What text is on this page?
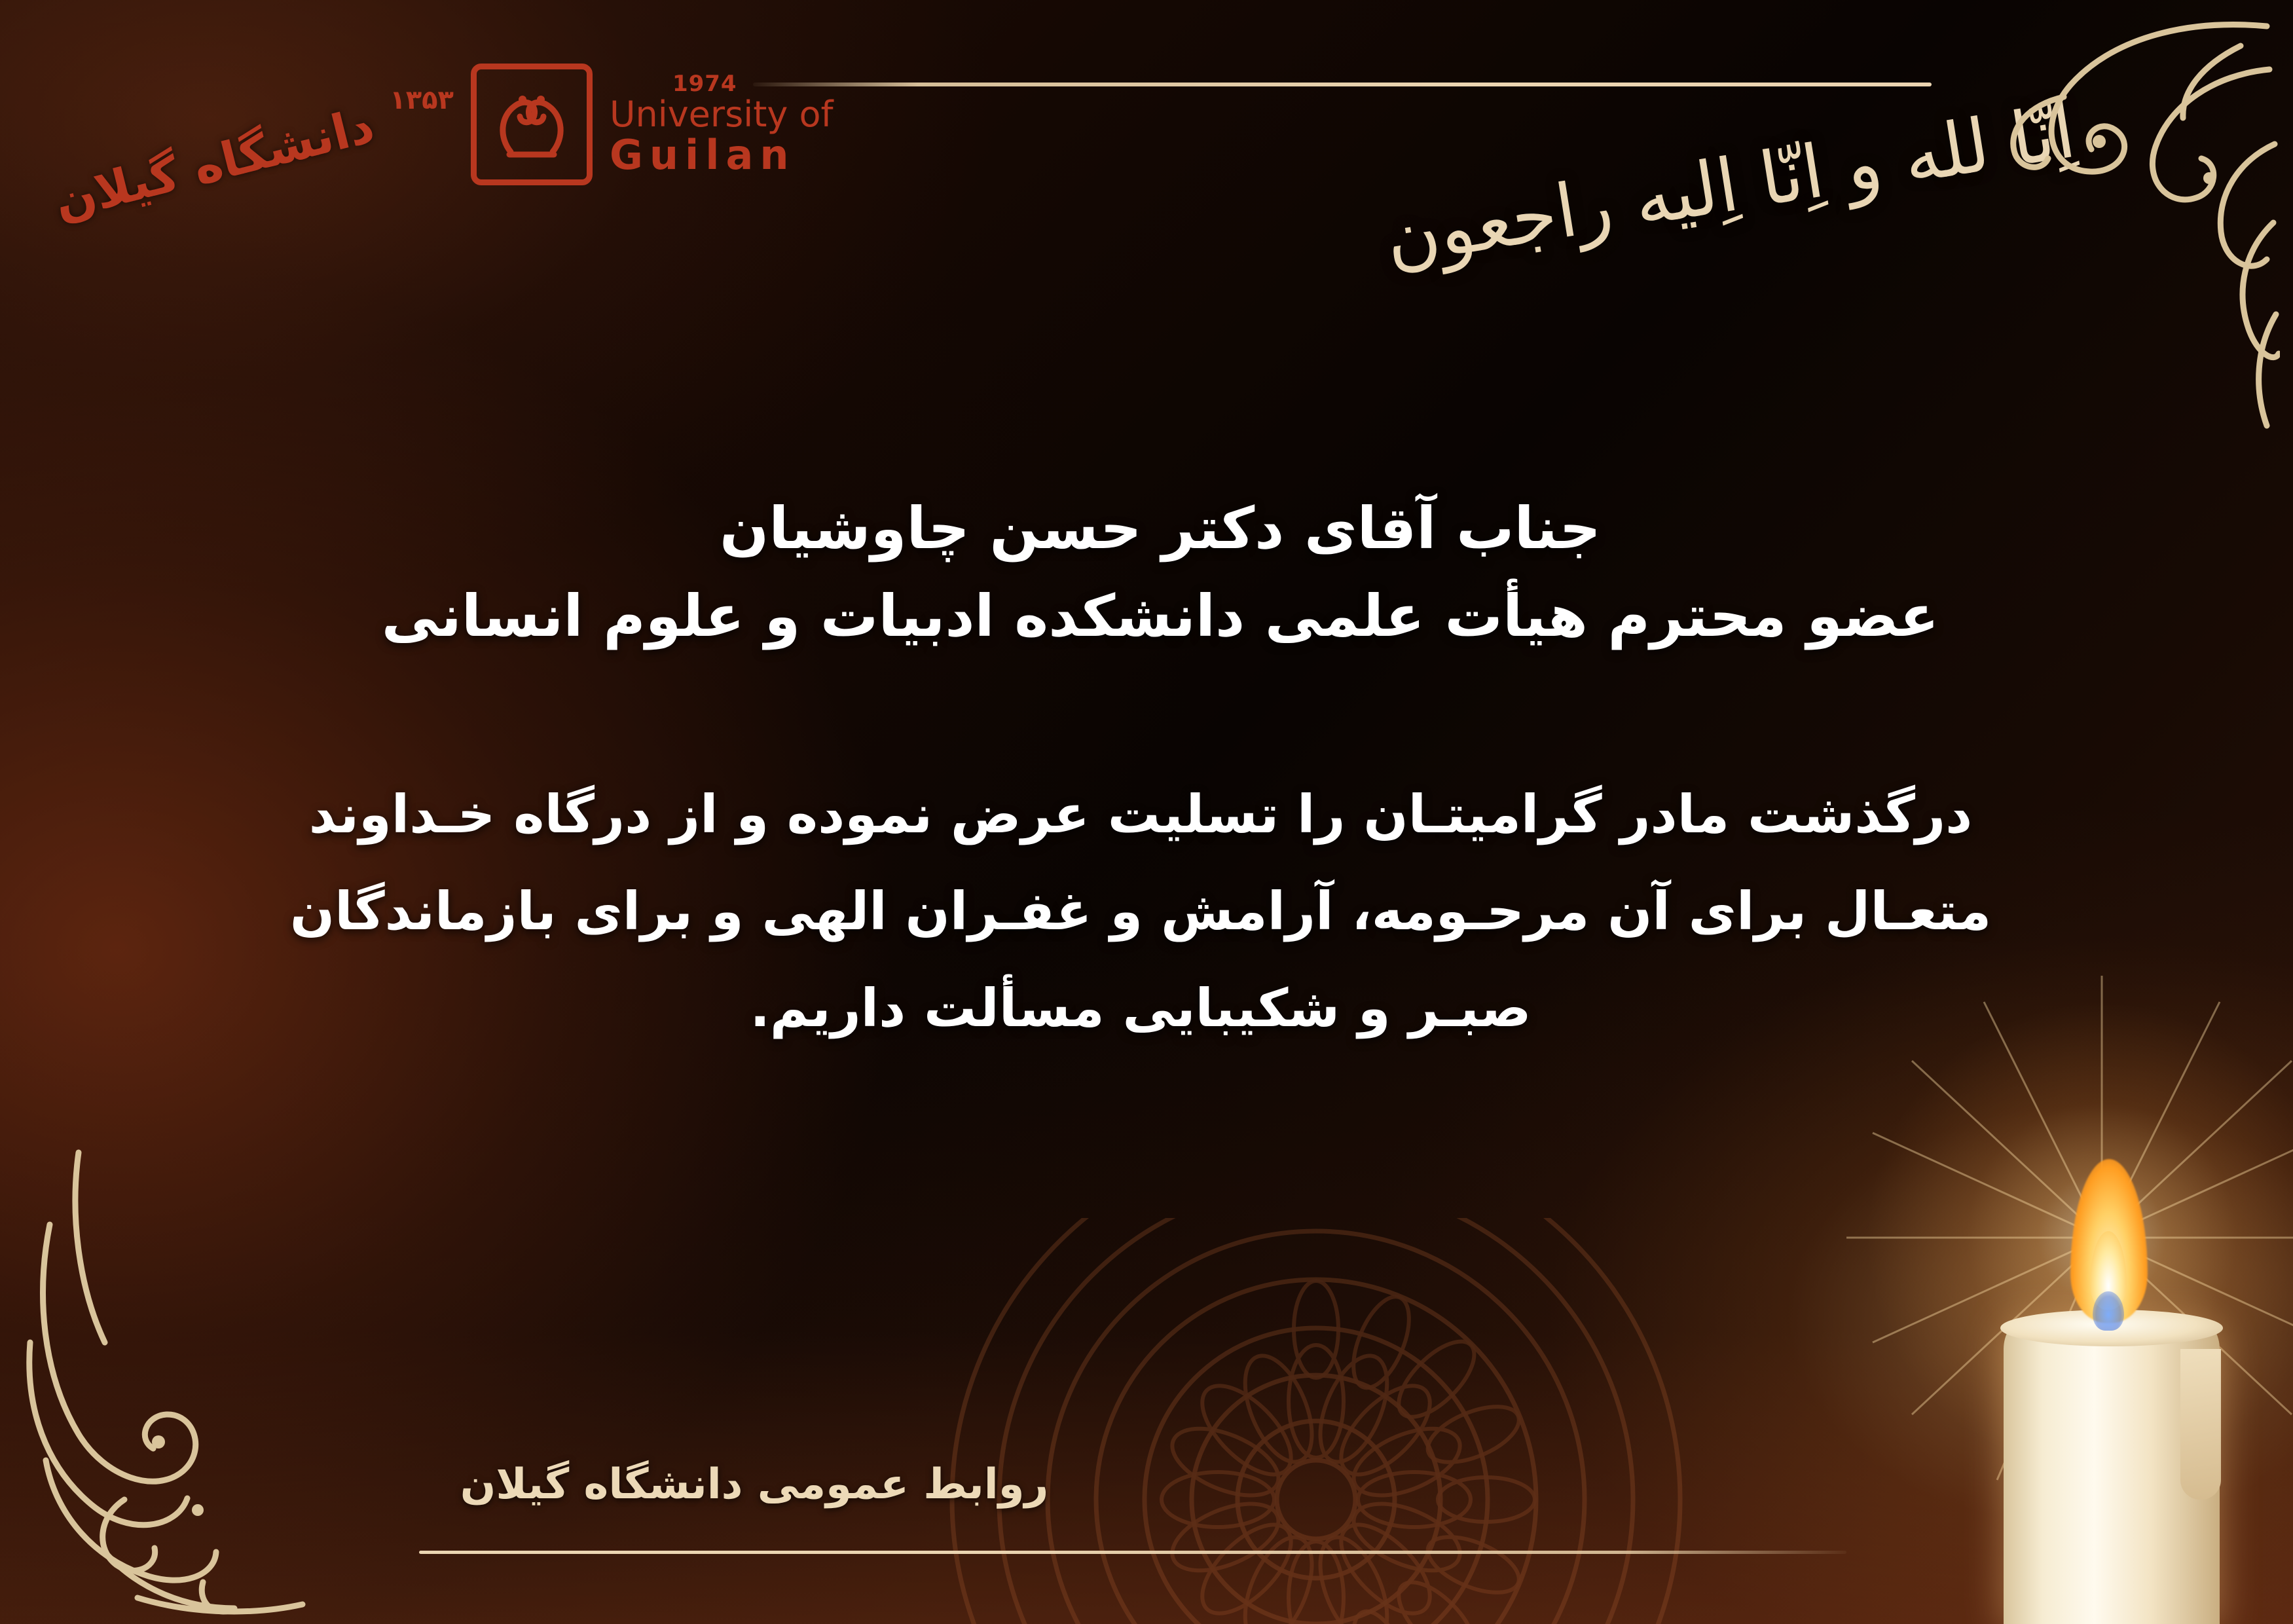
دانشگاه گیلان ۱۳۵۳
1974
University of
Guilan	اِنّا لله و اِنّا اِلیه راجعون
جناب آقای دکتر حسن چاوشیان
عضو محترم هیأت علمی دانشکده ادبیات و علوم انسانی
درگذشت مادر گرامیتـان را تسلیت عرض نموده و از درگاه خـداوند
متعـال برای آن مرحـومه، آرامش و غفـران الهی و برای بازماندگان
صبـر و شکیبایی مسألت داریم.
روابط عمومی دانشگاه گیلان
